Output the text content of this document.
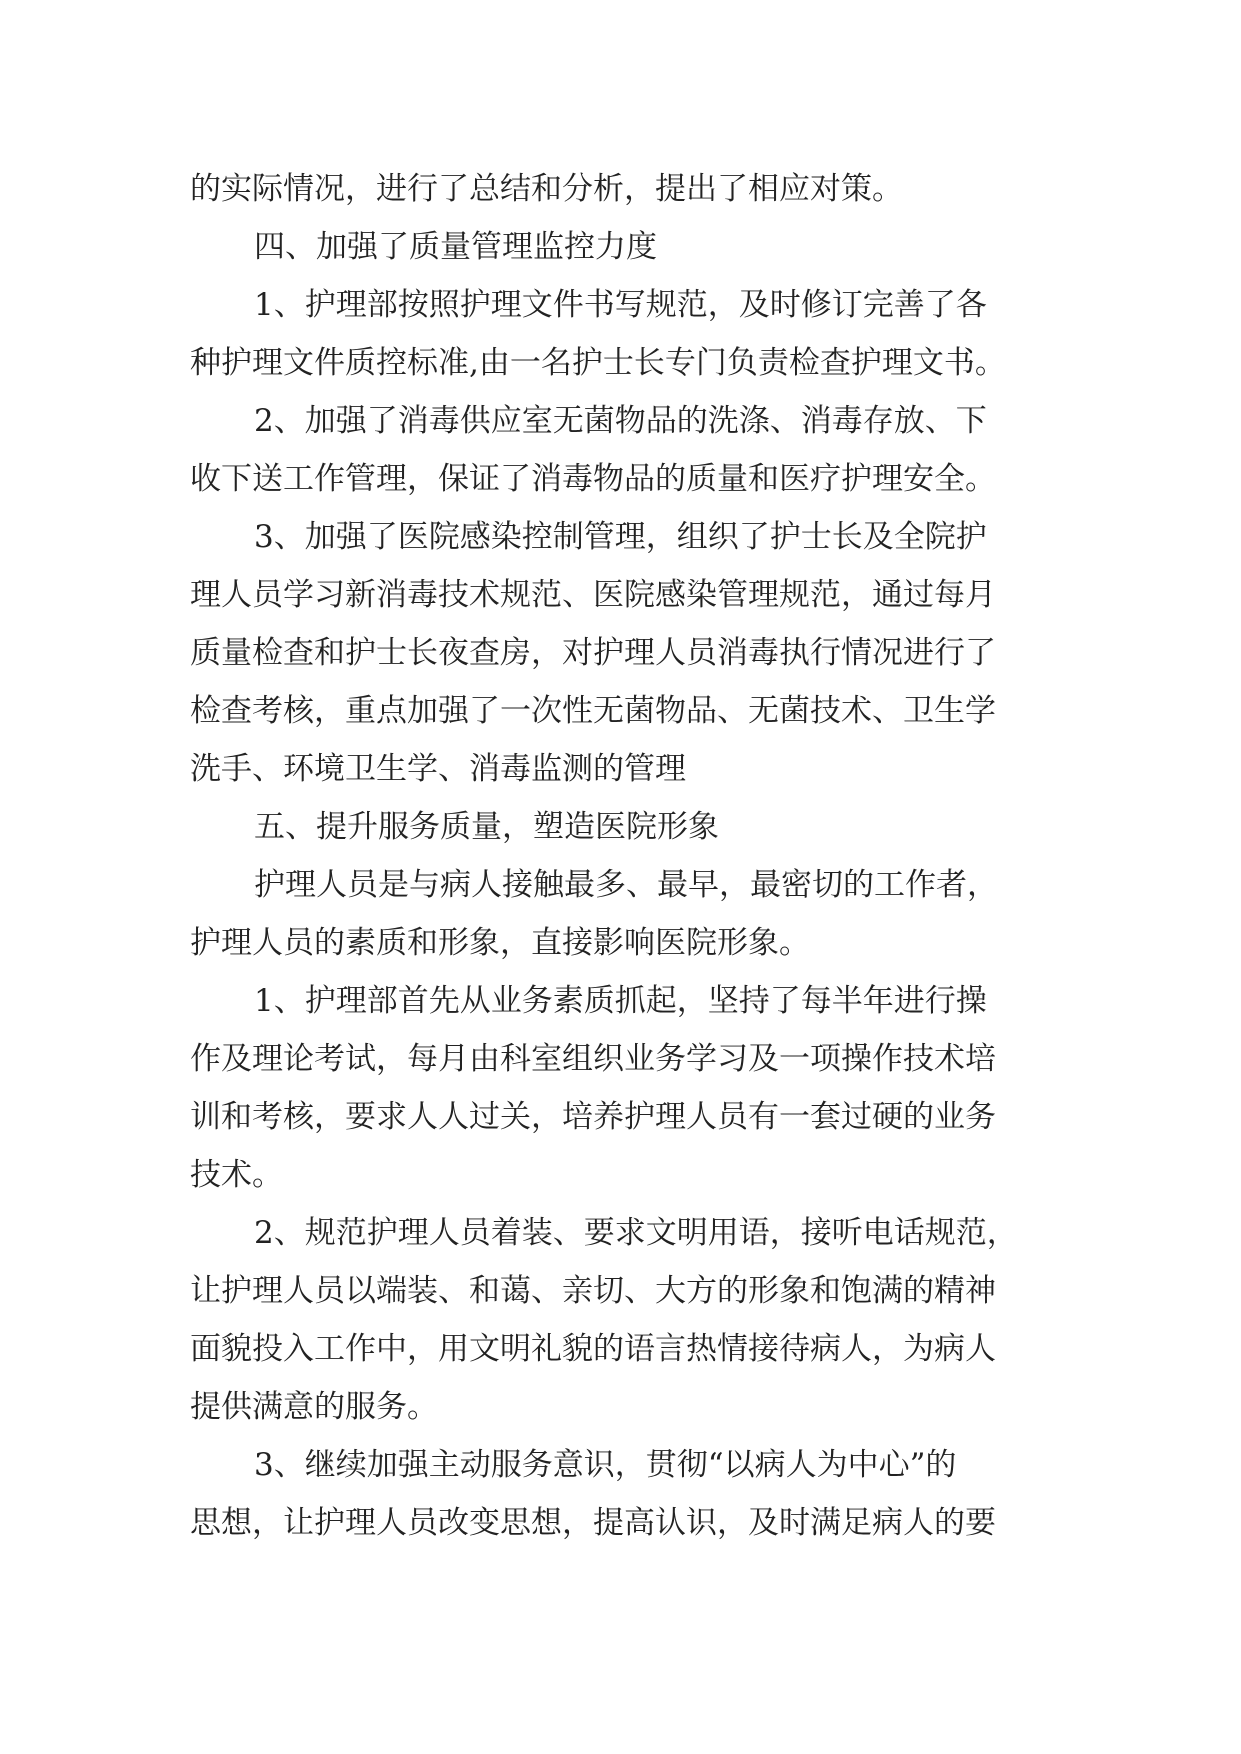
的实际情况，进行了总结和分析，提出了相应对策。
四、加强了质量管理监控力度
1、护理部按照护理文件书写规范，及时修订完善了各
种护理文件质控标准,由一名护士长专门负责检查护理文书。
2、加强了消毒供应室无菌物品的洗涤、消毒存放、下
收下送工作管理，保证了消毒物品的质量和医疗护理安全。
3、加强了医院感染控制管理，组织了护士长及全院护
理人员学习新消毒技术规范、医院感染管理规范，通过每月
质量检查和护士长夜查房，对护理人员消毒执行情况进行了
检查考核，重点加强了一次性无菌物品、无菌技术、卫生学
洗手、环境卫生学、消毒监测的管理
五、提升服务质量，塑造医院形象
护理人员是与病人接触最多、最早，最密切的工作者，
护理人员的素质和形象，直接影响医院形象。
1、护理部首先从业务素质抓起，坚持了每半年进行操
作及理论考试，每月由科室组织业务学习及一项操作技术培
训和考核，要求人人过关，培养护理人员有一套过硬的业务
技术。
2、规范护理人员着装、要求文明用语，接听电话规范，
让护理人员以端装、和蔼、亲切、大方的形象和饱满的精神
面貌投入工作中，用文明礼貌的语言热情接待病人，为病人
提供满意的服务。
3、继续加强主动服务意识，贯彻“以病人为中心”的
思想，让护理人员改变思想，提高认识，及时满足病人的要
